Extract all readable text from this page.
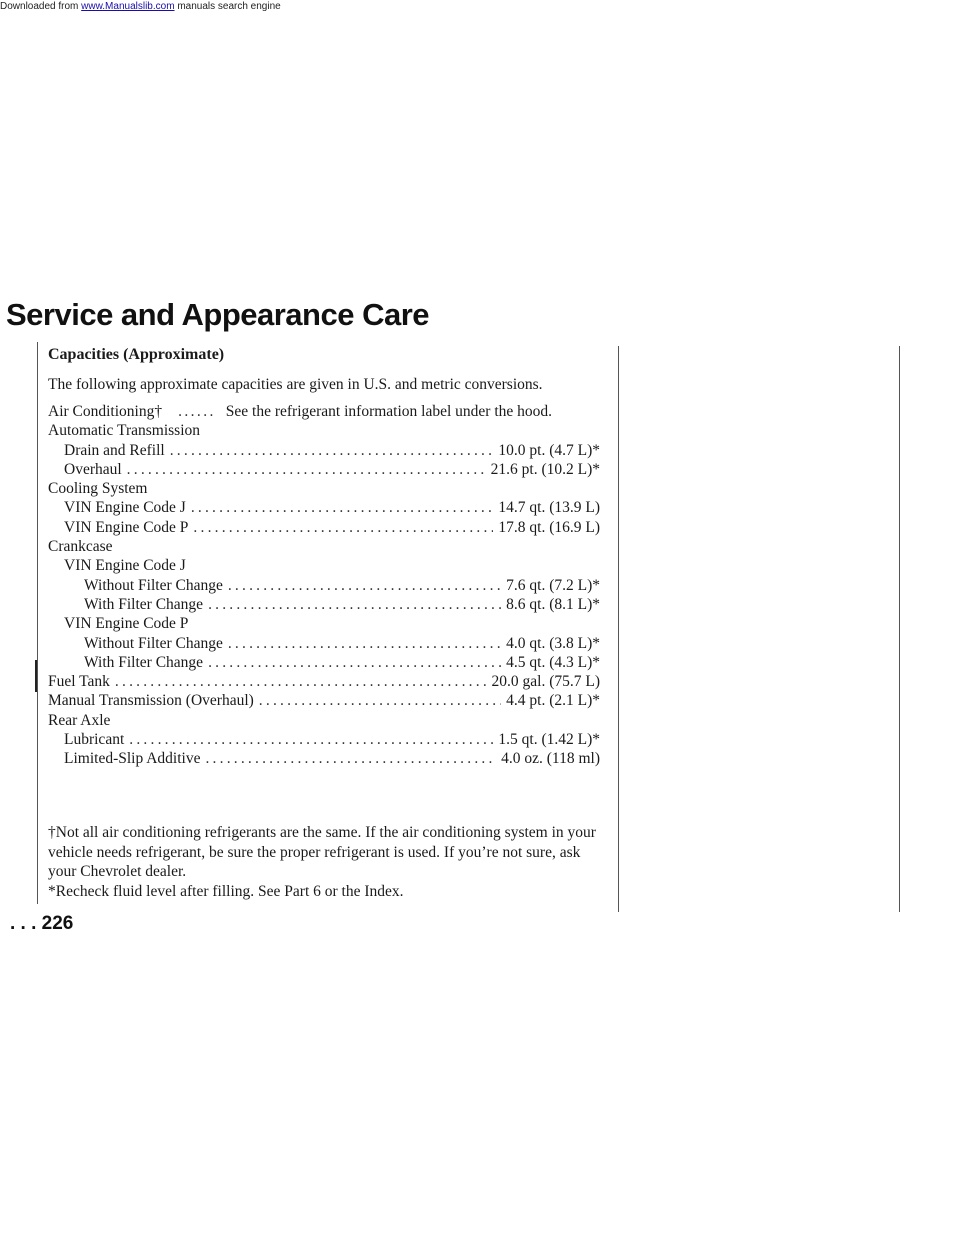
Downloaded from www.Manualslib.com manuals search engine
Service and Appearance Care

Capacities (Approximate)

The following approximate capacities are given in U.S. and metric conversions.

Air Conditioning† ......	See the refrigerant information label under the hood.
Automatic Transmission
Drain and Refill .....	10.0 pt. (4.7 L)*
Overhaul .....	21.6 pt. (10.2 L)*
Cooling System
VIN Engine Code J .....	14.7 qt. (13.9 L)
VIN Engine Code P .....	17.8 qt. (16.9 L)
Crankcase
VIN Engine Code J
Without Filter Change .....	7.6 qt. (7.2 L)*
With Filter Change .....	8.6 qt. (8.1 L)*
VIN Engine Code P
Without Filter Change .....	4.0 qt. (3.8 L)*
With Filter Change .....	4.5 qt. (4.3 L)*
Fuel Tank .....	20.0 gal. (75.7 L)
Manual Transmission (Overhaul) .....	4.4 pt. (2.1 L)*
Rear Axle
Lubricant .....	1.5 qt. (1.42 L)*
Limited-Slip Additive .....	4.0 oz. (118 ml)

†Not all air conditioning refrigerants are the same. If the air conditioning system in your vehicle needs refrigerant, be sure the proper refrigerant is used. If you’re not sure, ask your Chevrolet dealer.

*Recheck fluid level after filling. See Part 6 or the Index.

. . . 226
